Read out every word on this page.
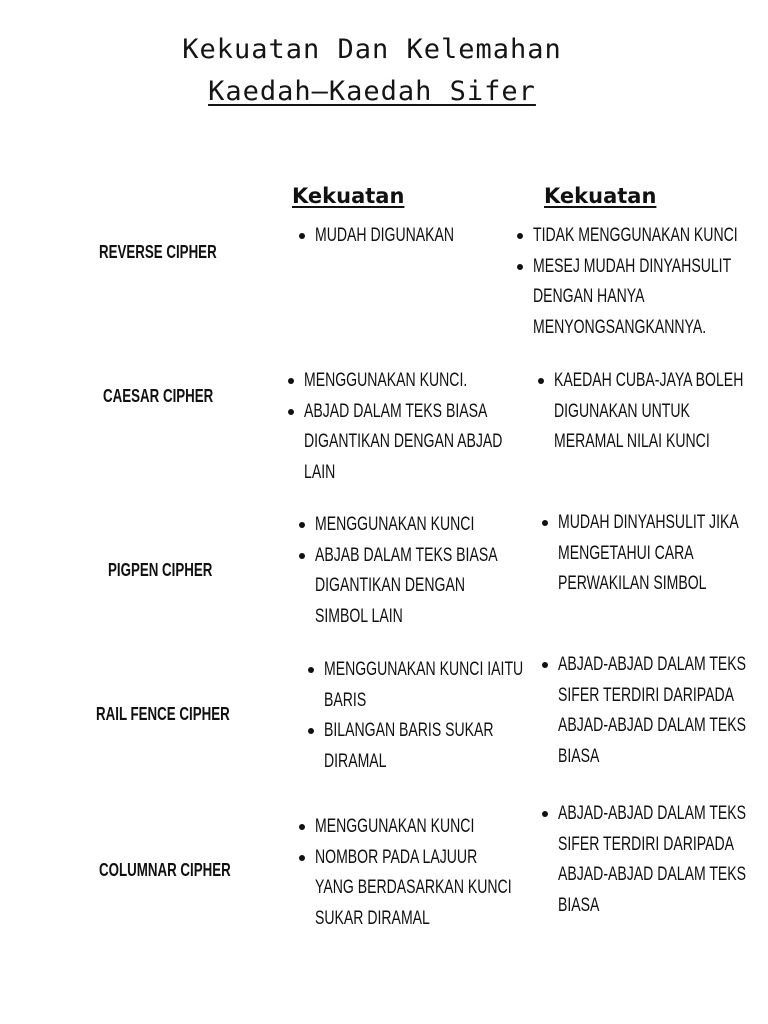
Kekuatan Dan Kelemahan
Kaedah–Kaedah Sifer
Kekuatan	Kekuatan
REVERSE CIPHER
CAESAR CIPHER
PIGPEN CIPHER
RAIL FENCE CIPHER
COLUMNAR CIPHER
MUDAH DIGUNAKAN	TIDAK MENGGUNAKAN KUNCI
MESEJ MUDAH DINYAHSULIT
DENGAN HANYA
MENYONGSANGKANNYA.
MENGGUNAKAN KUNCI.
ABJAD DALAM TEKS BIASA
DIGANTIKAN DENGAN ABJAD
LAIN
KAEDAH CUBA-JAYA BOLEH
DIGUNAKAN UNTUK
MERAMAL NILAI KUNCI
MENGGUNAKAN KUNCI
ABJAB DALAM TEKS BIASA
DIGANTIKAN DENGAN
SIMBOL LAIN
MUDAH DINYAHSULIT JIKA
MENGETAHUI CARA
PERWAKILAN SIMBOL
MENGGUNAKAN KUNCI IAITU
BARIS
BILANGAN BARIS SUKAR
DIRAMAL
ABJAD-ABJAD DALAM TEKS
SIFER TERDIRI DARIPADA
ABJAD-ABJAD DALAM TEKS
BIASA
MENGGUNAKAN KUNCI
NOMBOR PADA LAJUUR
YANG BERDASARKAN KUNCI
SUKAR DIRAMAL
ABJAD-ABJAD DALAM TEKS
SIFER TERDIRI DARIPADA
ABJAD-ABJAD DALAM TEKS
BIASA
